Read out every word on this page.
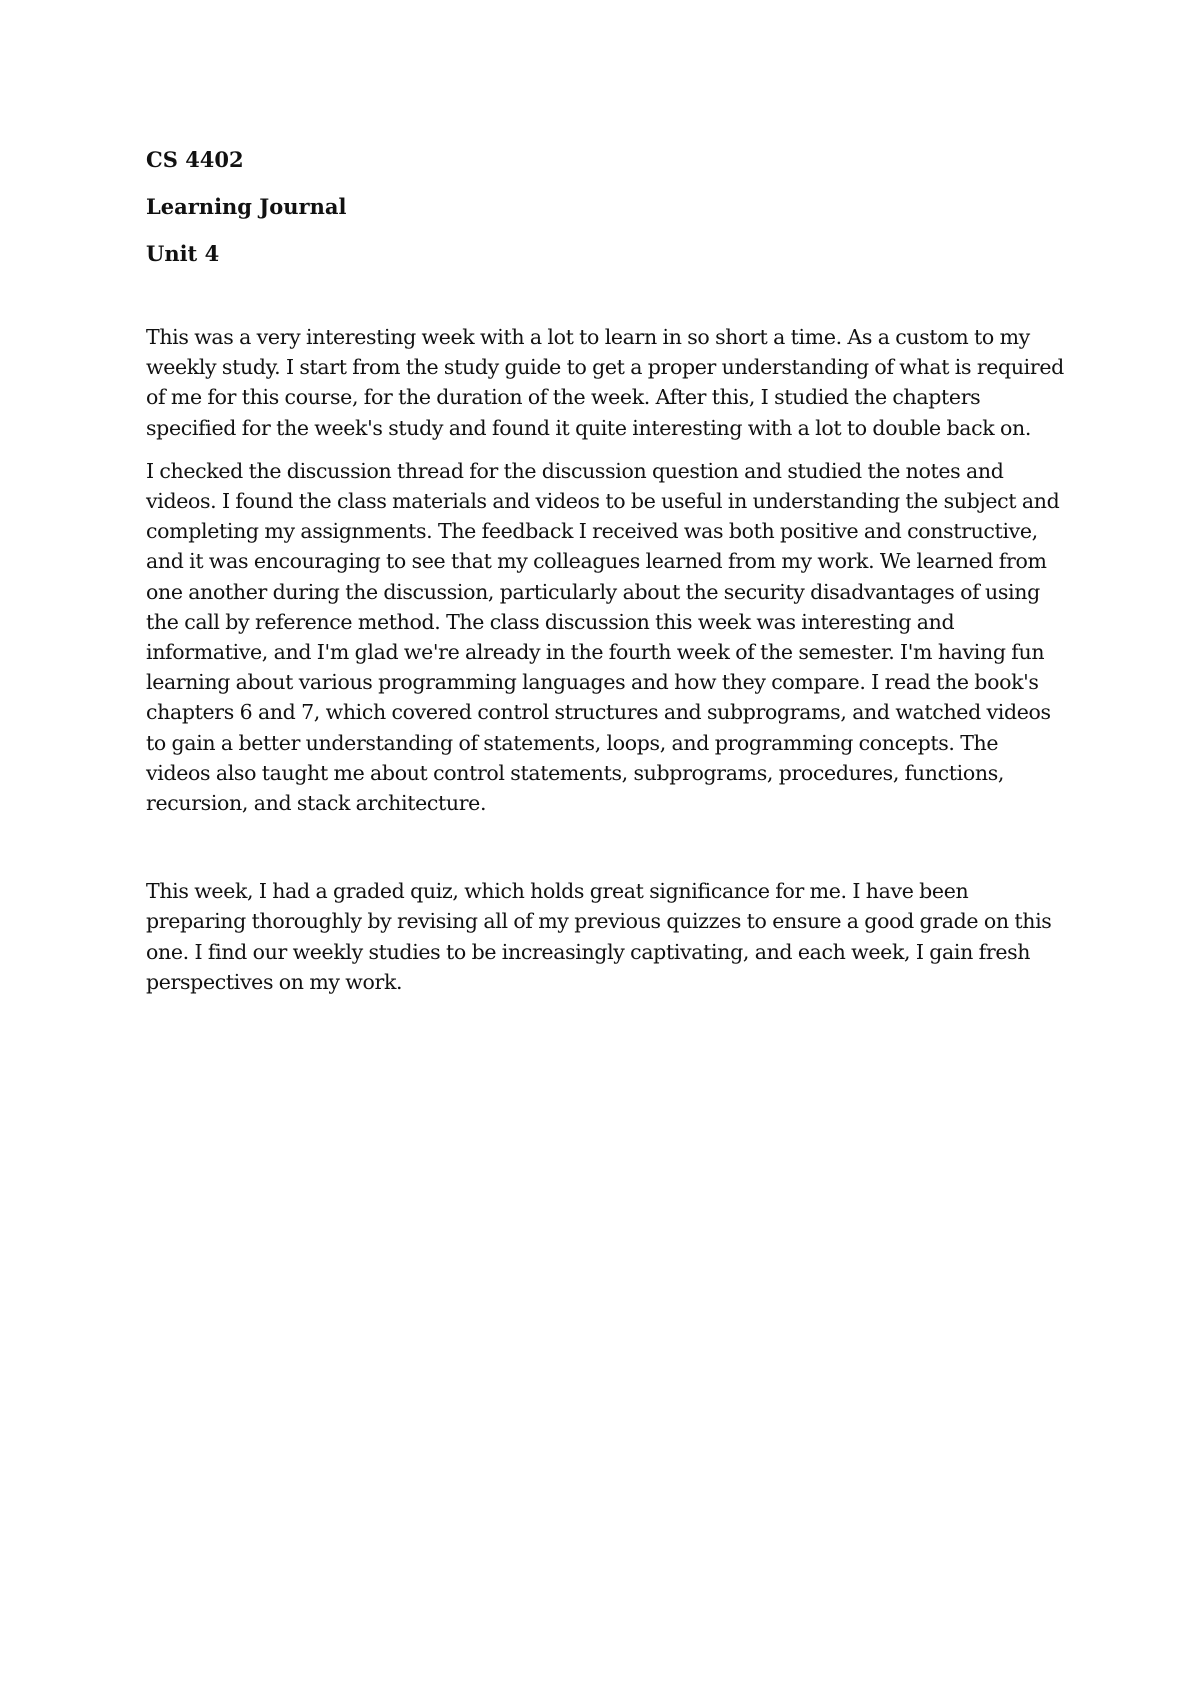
CS 4402
Learning Journal
Unit 4

This was a very interesting week with a lot to learn in so short a time. As a custom to my weekly study. I start from the study guide to get a proper understanding of what is required of me for this course, for the duration of the week. After this, I studied the chapters specified for the week's study and found it quite interesting with a lot to double back on.

I checked the discussion thread for the discussion question and studied the notes and videos. I found the class materials and videos to be useful in understanding the subject and completing my assignments. The feedback I received was both positive and constructive, and it was encouraging to see that my colleagues learned from my work. We learned from one another during the discussion, particularly about the security disadvantages of using the call by reference method. The class discussion this week was interesting and informative, and I'm glad we're already in the fourth week of the semester. I'm having fun learning about various programming languages and how they compare. I read the book's chapters 6 and 7, which covered control structures and subprograms, and watched videos to gain a better understanding of statements, loops, and programming concepts. The videos also taught me about control statements, subprograms, procedures, functions, recursion, and stack architecture.

This week, I had a graded quiz, which holds great significance for me. I have been preparing thoroughly by revising all of my previous quizzes to ensure a good grade on this one. I find our weekly studies to be increasingly captivating, and each week, I gain fresh perspectives on my work.
